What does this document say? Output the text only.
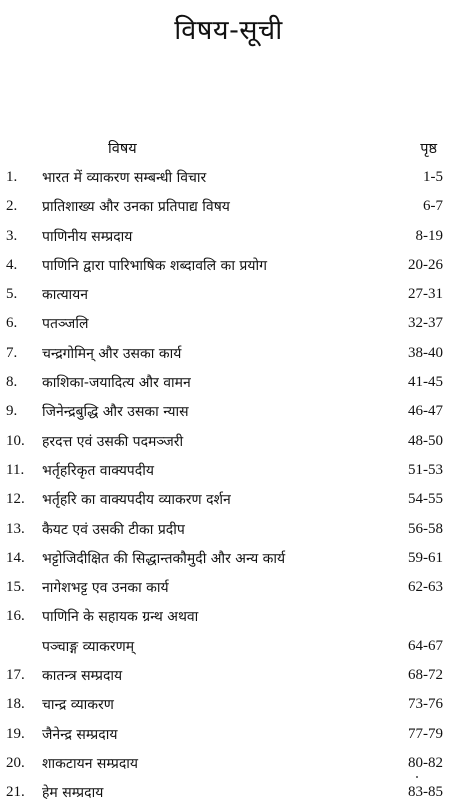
विषय-सूची
विषय	पृष्ठ
1. भारत में व्याकरण सम्बन्धी विचार	1-5
2. प्रातिशाख्य और उनका प्रतिपाद्य विषय	6-7
3. पाणिनीय सम्प्रदाय	8-19
4. पाणिनि द्वारा पारिभाषिक शब्दावलि का प्रयोग	20-26
5. कात्यायन	27-31
6. पतञ्जलि	32-37
7. चन्द्रगोमिन् और उसका कार्य	38-40
8. काशिका-जयादित्य और वामन	41-45
9. जिनेन्द्रबुद्धि और उसका न्यास	46-47
10. हरदत्त एवं उसकी पदमञ्जरी	48-50
11. भर्तृहरिकृत वाक्यपदीय	51-53
12. भर्तृहरि का वाक्यपदीय व्याकरण दर्शन	54-55
13. कैयट एवं उसकी टीका प्रदीप	56-58
14. भट्टोजिदीक्षित की सिद्धान्तकौमुदी और अन्य कार्य	59-61
15. नागेशभट्ट एव उनका कार्य	62-63
16. पाणिनि के सहायक ग्रन्थ अथवा
पञ्चाङ्ग व्याकरणम्	64-67
17. कातन्त्र सम्प्रदाय	68-72
18. चान्द्र व्याकरण	73-76
19. जैनेन्द्र सम्प्रदाय	77-79
20. शाकटायन सम्प्रदाय	80-82
21. हेम सम्प्रदाय	83-85
